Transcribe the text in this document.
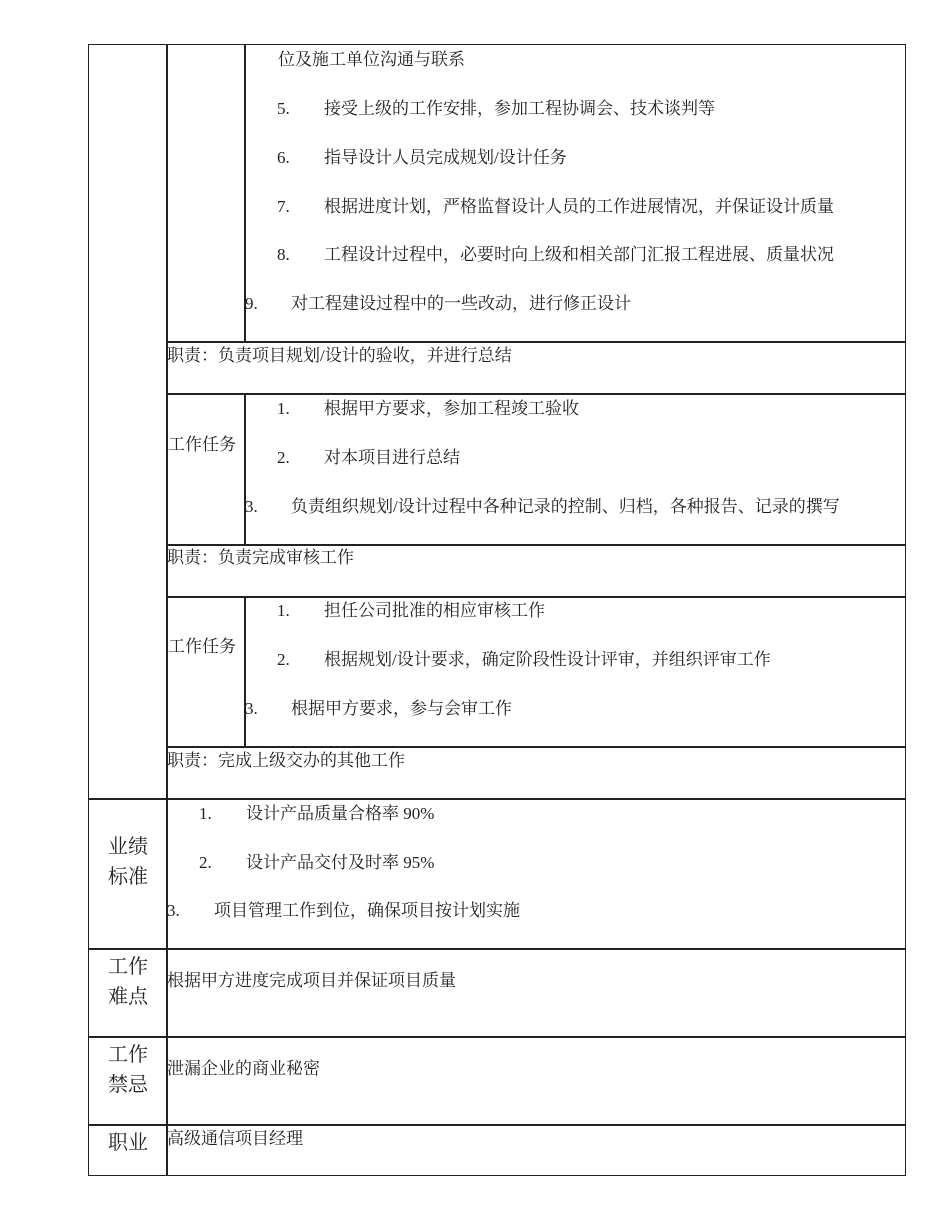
位及施工单位沟通与联系
5. 接受上级的工作安排，参加工程协调会、技术谈判等
6. 指导设计人员完成规划/设计任务
7. 根据进度计划，严格监督设计人员的工作进展情况，并保证设计质量
8. 工程设计过程中，必要时向上级和相关部门汇报工程进展、质量状况
9. 对工程建设过程中的一些改动，进行修正设计
职责：负责项目规划/设计的验收，并进行总结
工作任务
1. 根据甲方要求，参加工程竣工验收
2. 对本项目进行总结
3. 负责组织规划/设计过程中各种记录的控制、归档，各种报告、记录的撰写
职责：负责完成审核工作
工作任务
1. 担任公司批准的相应审核工作
2. 根据规划/设计要求，确定阶段性设计评审，并组织评审工作
3. 根据甲方要求，参与会审工作
职责：完成上级交办的其他工作
业绩标准
1. 设计产品质量合格率 90%
2. 设计产品交付及时率 95%
3. 项目管理工作到位，确保项目按计划实施
工作难点
根据甲方进度完成项目并保证项目质量
工作禁忌
泄漏企业的商业秘密
职业	高级通信项目经理
